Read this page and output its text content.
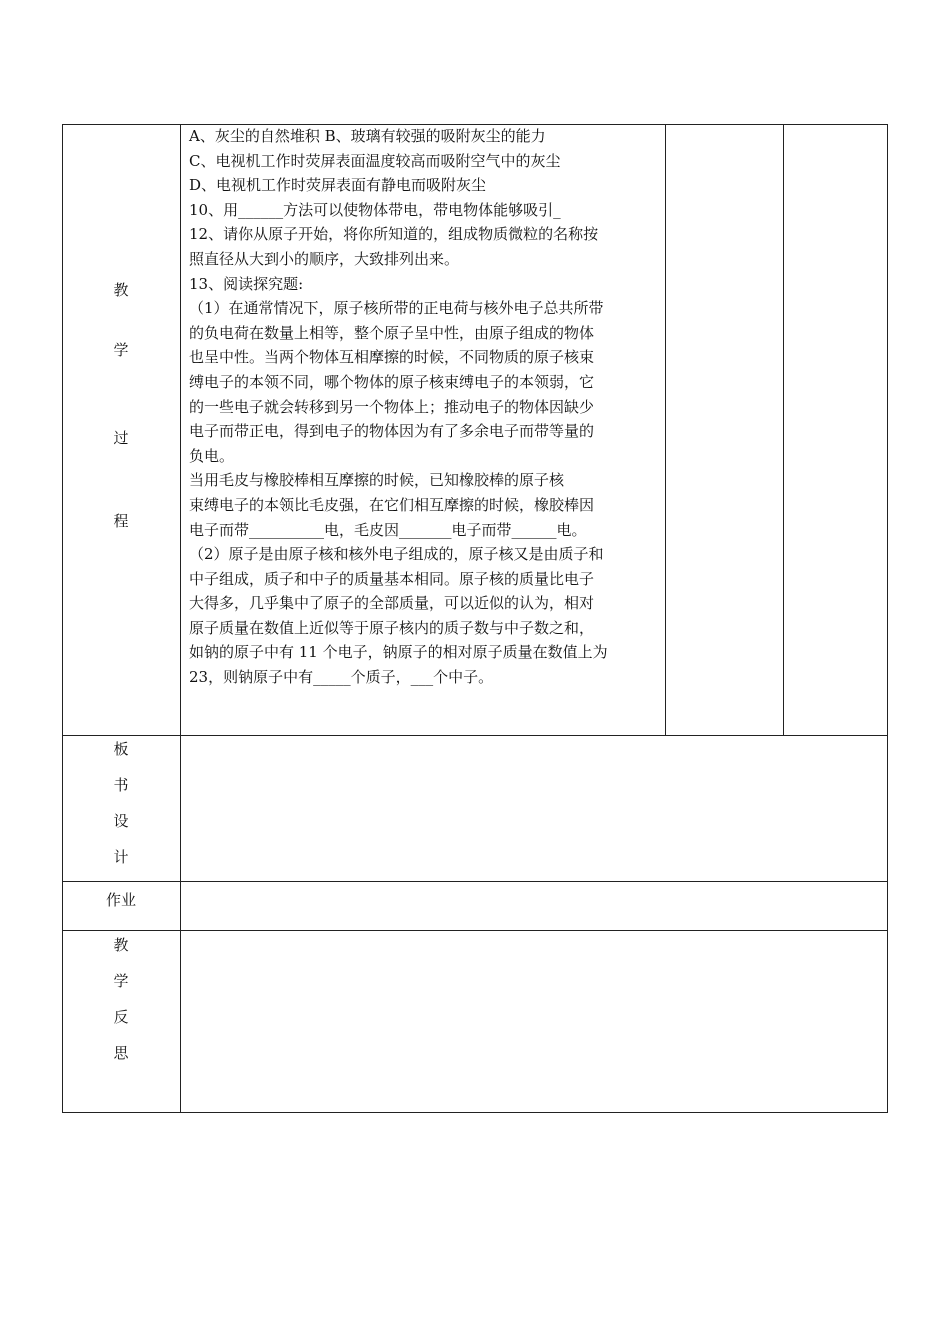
教
学
过
程

A、灰尘的自然堆积 B、玻璃有较强的吸附灰尘的能力

C、电视机工作时荧屏表面温度较高而吸附空气中的灰尘

D、电视机工作时荧屏表面有静电而吸附灰尘

10、用______方法可以使物体带电，带电物体能够吸引_

12、请你从原子开始，将你所知道的，组成物质微粒的名称按

照直径从大到小的顺序，大致排列出来。

13、阅读探究题:

（1）在通常情况下，原子核所带的正电荷与核外电子总共所带

的负电荷在数量上相等，整个原子呈中性，由原子组成的物体

也呈中性。当两个物体互相摩擦的时候，不同物质的原子核束

缚电子的本领不同，哪个物体的原子核束缚电子的本领弱，它

的一些电子就会转移到另一个物体上；推动电子的物体因缺少

电子而带正电，得到电子的物体因为有了多余电子而带等量的

负电。

当用毛皮与橡胶棒相互摩擦的时候，已知橡胶棒的原子核

束缚电子的本领比毛皮强，在它们相互摩擦的时候，橡胶棒因

电子而带__________电，毛皮因_______电子而带______电。

（2）原子是由原子核和核外电子组成的，原子核又是由质子和

中子组成，质子和中子的质量基本相同。原子核的质量比电子

大得多，几乎集中了原子的全部质量，可以近似的认为，相对

原子质量在数值上近似等于原子核内的质子数与中子数之和，

如钠的原子中有 11 个电子，钠原子的相对原子质量在数值上为

23，则钠原子中有_____个质子，___个中子。

板
书
设
计
作业
教
学
反
思
